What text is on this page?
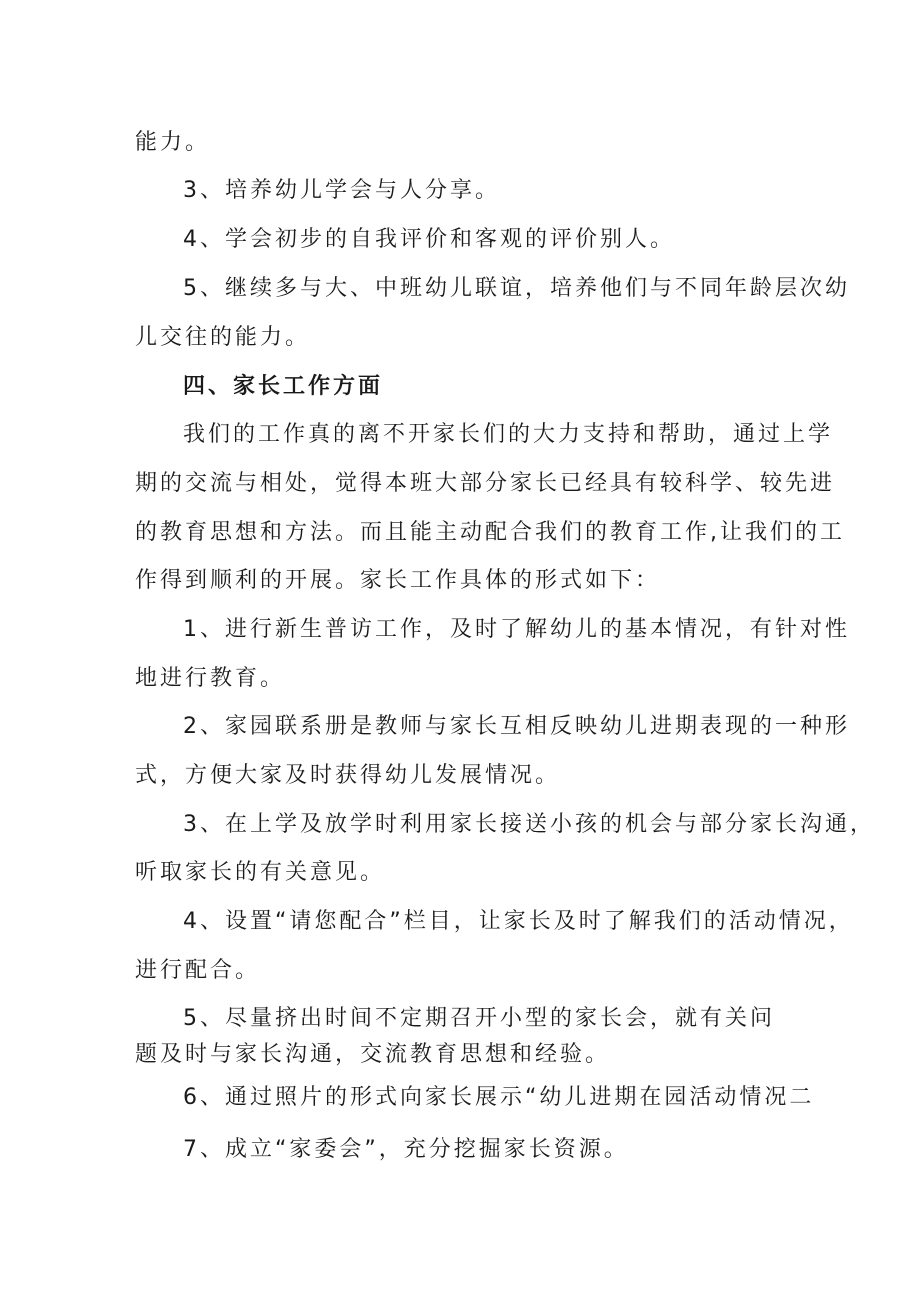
能力。
3、培养幼儿学会与人分享。
4、学会初步的自我评价和客观的评价别人。
5、继续多与大、中班幼儿联谊，培养他们与不同年龄层次幼
儿交往的能力。
四、家长工作方面
我们的工作真的离不开家长们的大力支持和帮助，通过上学
期的交流与相处，觉得本班大部分家长已经具有较科学、较先进
的教育思想和方法。而且能主动配合我们的教育工作,让我们的工
作得到顺利的开展。家长工作具体的形式如下：
1、进行新生普访工作，及时了解幼儿的基本情况，有针对性
地进行教育。
2、家园联系册是教师与家长互相反映幼儿进期表现的一种形
式，方便大家及时获得幼儿发展情况。
3、在上学及放学时利用家长接送小孩的机会与部分家长沟通，
听取家长的有关意见。
4、设置“请您配合”栏目，让家长及时了解我们的活动情况，
进行配合。
5、尽量挤出时间不定期召开小型的家长会，就有关问
题及时与家长沟通，交流教育思想和经验。
6、通过照片的形式向家长展示“幼儿进期在园活动情况二
7、成立“家委会”，充分挖掘家长资源。
